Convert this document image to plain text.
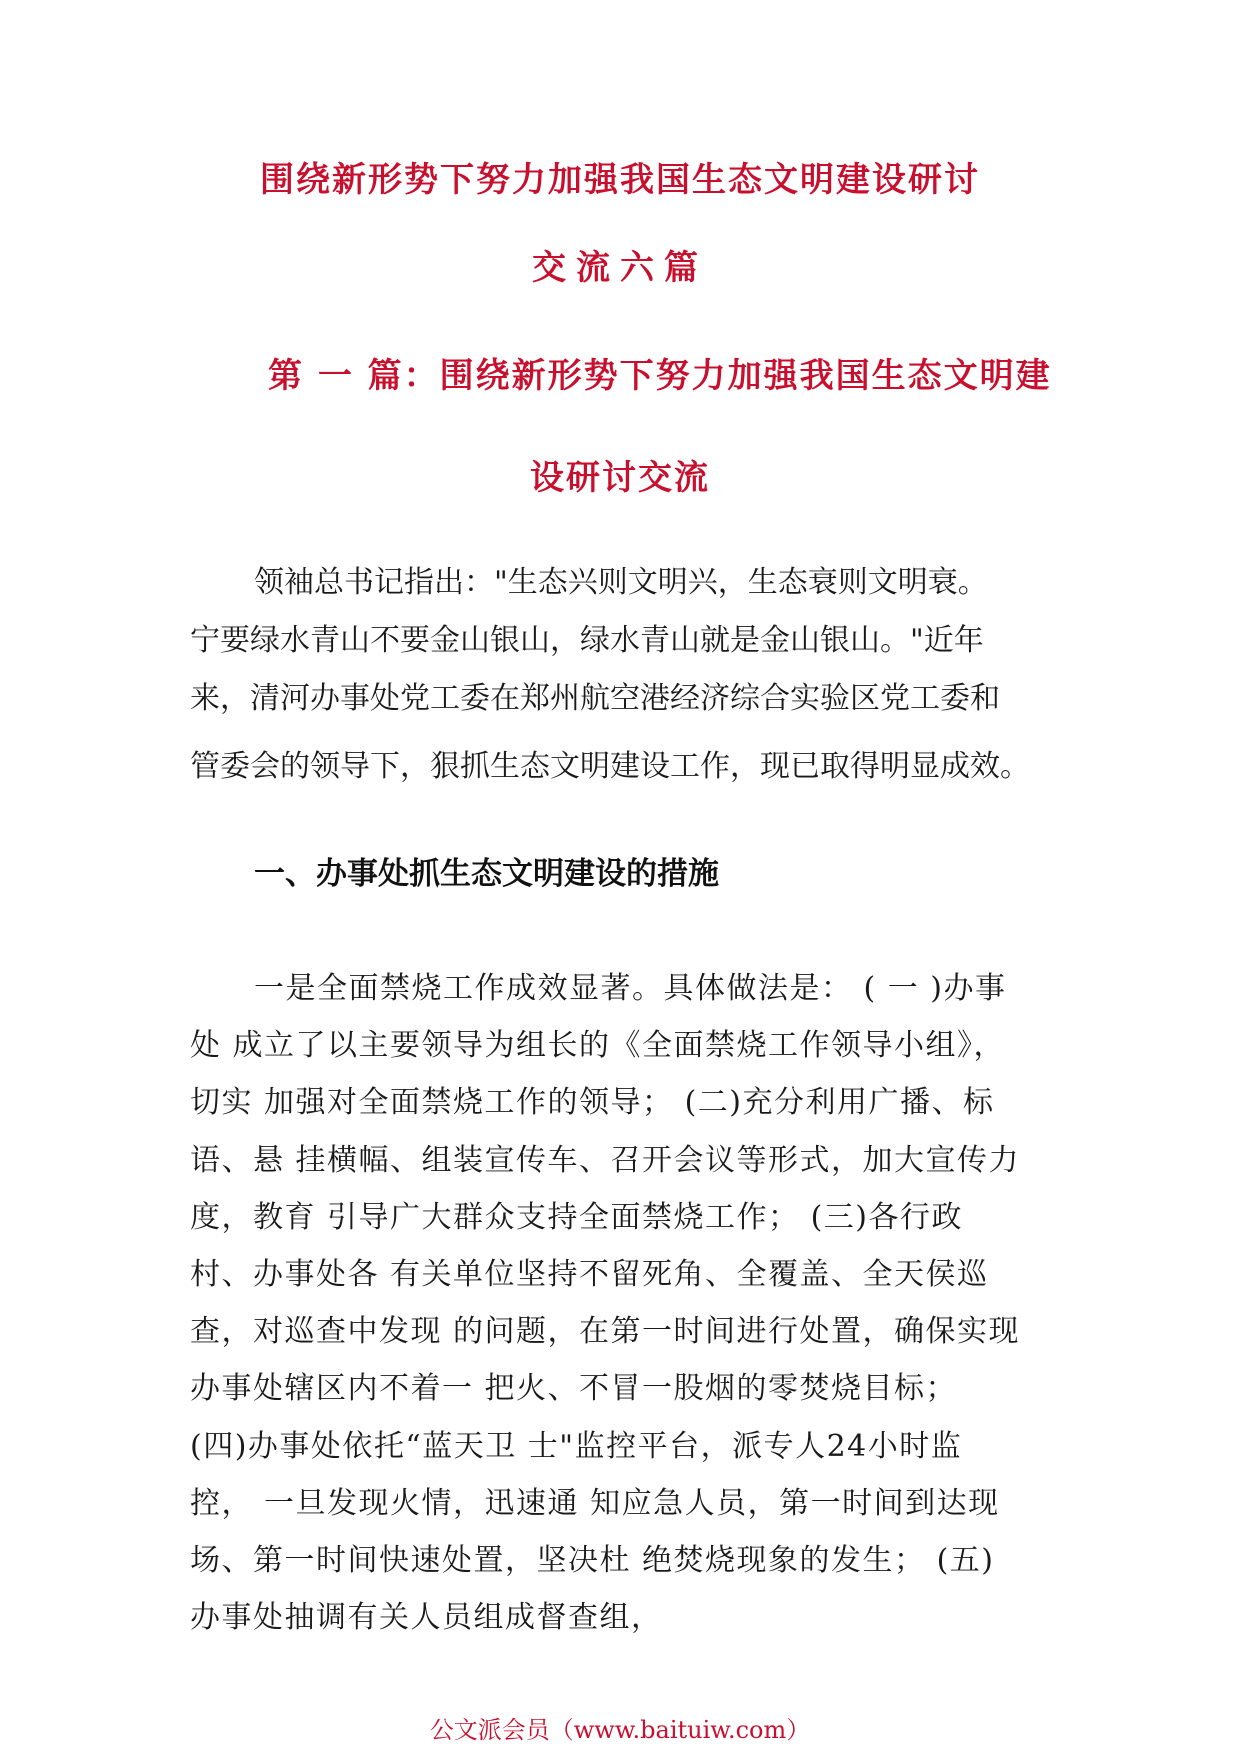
围绕新形势下努力加强我国生态文明建设研讨
交流六篇
第 一 篇：围绕新形势下努力加强我国生态文明建
设研讨交流
领袖总书记指出："生态兴则文明兴，生态衰则文明衰。
宁要绿水青山不要金山银山，绿水青山就是金山银山。"近年
来，清河办事处党工委在郑州航空港经济综合实验区党工委和
管委会的领导下，狠抓生态文明建设工作，现已取得明显成效。
一、办事处抓生态文明建设的措施
一是全面禁烧工作成效显著。具体做法是： ( 一 )办事
处 成立了以主要领导为组长的《全面禁烧工作领导小组》，
切实 加强对全面禁烧工作的领导； (二)充分利用广播、标
语、悬 挂横幅、组装宣传车、召开会议等形式，加大宣传力
度，教育 引导广大群众支持全面禁烧工作； (三)各行政
村、办事处各 有关单位坚持不留死角、全覆盖、全天侯巡
查，对巡查中发现 的问题，在第一时间进行处置，确保实现
办事处辖区内不着一 把火、不冒一股烟的零焚烧目标；
(四)办事处依托“蓝天卫 士"监控平台，派专人24小时监
控， 一旦发现火情，迅速通 知应急人员，第一时间到达现
场、第一时间快速处置，坚决杜 绝焚烧现象的发生； (五)
办事处抽调有关人员组成督查组，
公文派会员（www.baituiw.com）
